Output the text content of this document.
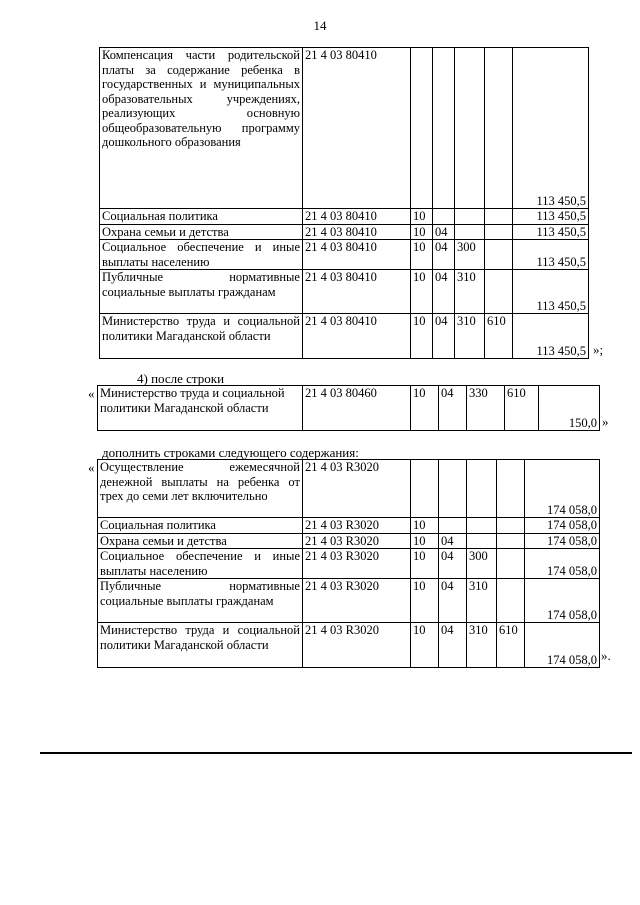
14
Компенсация части родительской платы за содержание ребенка в государственных и муниципальных образовательных учреждениях, реализующих основную общеобразовательную программу дошкольного образования	21 4 03 80410					113 450,5
Социальная политика	21 4 03 80410	10				113 450,5
Охрана семьи и детства	21 4 03 80410	10	04			113 450,5
Социальное обеспечение и иные выплаты населению	21 4 03 80410	10	04	300		113 450,5
Публичные нормативные социальные выплаты гражданам	21 4 03 80410	10	04	310		113 450,5
Министерство труда и социальной политики Магаданской области	21 4 03 80410	10	04	310	610	113 450,5 »;
4) после строки
« Министерство труда и социальной политики Магаданской области	21 4 03 80460	10	04	330	610	150,0 »
дополнить строками следующего содержания:
« Осуществление ежемесячной денежной выплаты на ребенка от трех до семи лет включительно	21 4 03 R3020					174 058,0
Социальная политика	21 4 03 R3020	10				174 058,0
Охрана семьи и детства	21 4 03 R3020	10	04			174 058,0
Социальное обеспечение и иные выплаты населению	21 4 03 R3020	10	04	300		174 058,0
Публичные нормативные социальные выплаты гражданам	21 4 03 R3020	10	04	310		174 058,0
Министерство труда и социальной политики Магаданской области	21 4 03 R3020	10	04	310	610	174 058,0 ».
